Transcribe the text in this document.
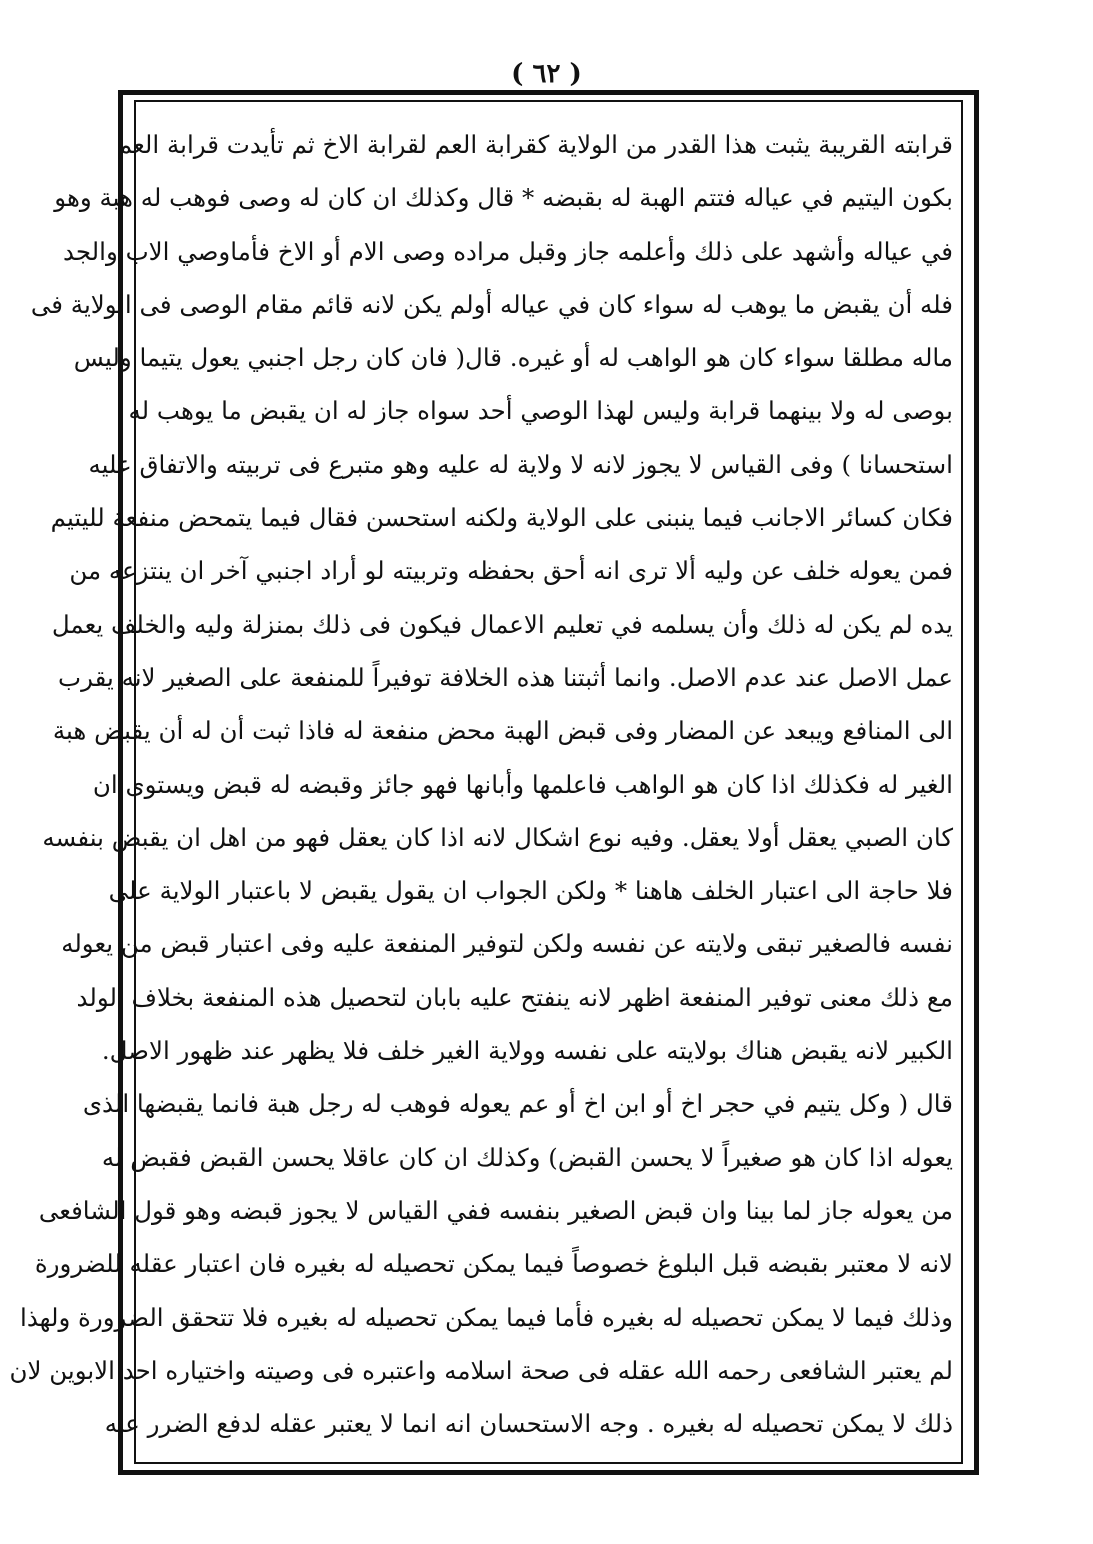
( ٦٢ )
قرابته القريبة يثبت هذا القدر من الولاية كقرابة العم لقرابة الاخ ثم تأيدت قرابة العم
بكون اليتيم في عياله فتتم الهبة له بقبضه * قال وكذلك ان كان له وصى فوهب له هبة وهو
في عياله وأشهد على ذلك وأعلمه جاز وقبل مراده وصى الام أو الاخ فأماوصي الاب والجد
فله أن يقبض ما يوهب له سواء كان في عياله أولم يكن لانه قائم مقام الوصى فى الولاية فى
ماله مطلقا سواء كان هو الواهب له أو غيره. قال( فان كان رجل اجنبي يعول يتيما وليس
بوصى له ولا بينهما قرابة وليس لهذا الوصي أحد سواه جاز له ان يقبض ما يوهب له
استحسانا ) وفى القياس لا يجوز لانه لا ولاية له عليه وهو متبرع فى تربيته والاتفاق عليه
فكان كسائر الاجانب فيما ينبنى على الولاية ولكنه استحسن فقال فيما يتمحض منفعة لليتيم
فمن يعوله خلف عن وليه ألا ترى انه أحق بحفظه وتربيته لو أراد اجنبي آخر ان ينتزعه من
يده لم يكن له ذلك وأن يسلمه في تعليم الاعمال فيكون فى ذلك بمنزلة وليه والخلف يعمل
عمل الاصل عند عدم الاصل. وانما أثبتنا هذه الخلافة توفيراً للمنفعة على الصغير لانه يقرب
الى المنافع ويبعد عن المضار وفى قبض الهبة محض منفعة له فاذا ثبت أن له أن يقبض هبة
الغير له فكذلك اذا كان هو الواهب فاعلمها وأبانها فهو جائز وقبضه له قبض ويستوى ان
كان الصبي يعقل أولا يعقل. وفيه نوع اشكال لانه اذا كان يعقل فهو من اهل ان يقبض بنفسه
فلا حاجة الى اعتبار الخلف هاهنا * ولكن الجواب ان يقول يقبض لا باعتبار الولاية على
نفسه فالصغير تبقى ولايته عن نفسه ولكن لتوفير المنفعة عليه وفى اعتبار قبض من يعوله
مع ذلك معنى توفير المنفعة اظهر لانه ينفتح عليه بابان لتحصيل هذه المنفعة بخلاف الولد
الكبير لانه يقبض هناك بولايته على نفسه وولاية الغير خلف فلا يظهر عند ظهور الاصل.
قال ( وكل يتيم في حجر اخ أو ابن اخ أو عم يعوله فوهب له رجل هبة فانما يقبضها الذى
يعوله اذا كان هو صغيراً لا يحسن القبض) وكذلك ان كان عاقلا يحسن القبض فقبض له
من يعوله جاز لما بينا وان قبض الصغير بنفسه ففي القياس لا يجوز قبضه وهو قول الشافعى
لانه لا معتبر بقبضه قبل البلوغ خصوصاً فيما يمكن تحصيله له بغيره فان اعتبار عقله للضرورة
وذلك فيما لا يمكن تحصيله له بغيره فأما فيما يمكن تحصيله له بغيره فلا تتحقق الضرورة ولهذا
لم يعتبر الشافعى رحمه الله عقله فى صحة اسلامه واعتبره فى وصيته واختياره احد الابوين لان
ذلك لا يمكن تحصيله له بغيره . وجه الاستحسان انه انما لا يعتبر عقله لدفع الضرر عنه
